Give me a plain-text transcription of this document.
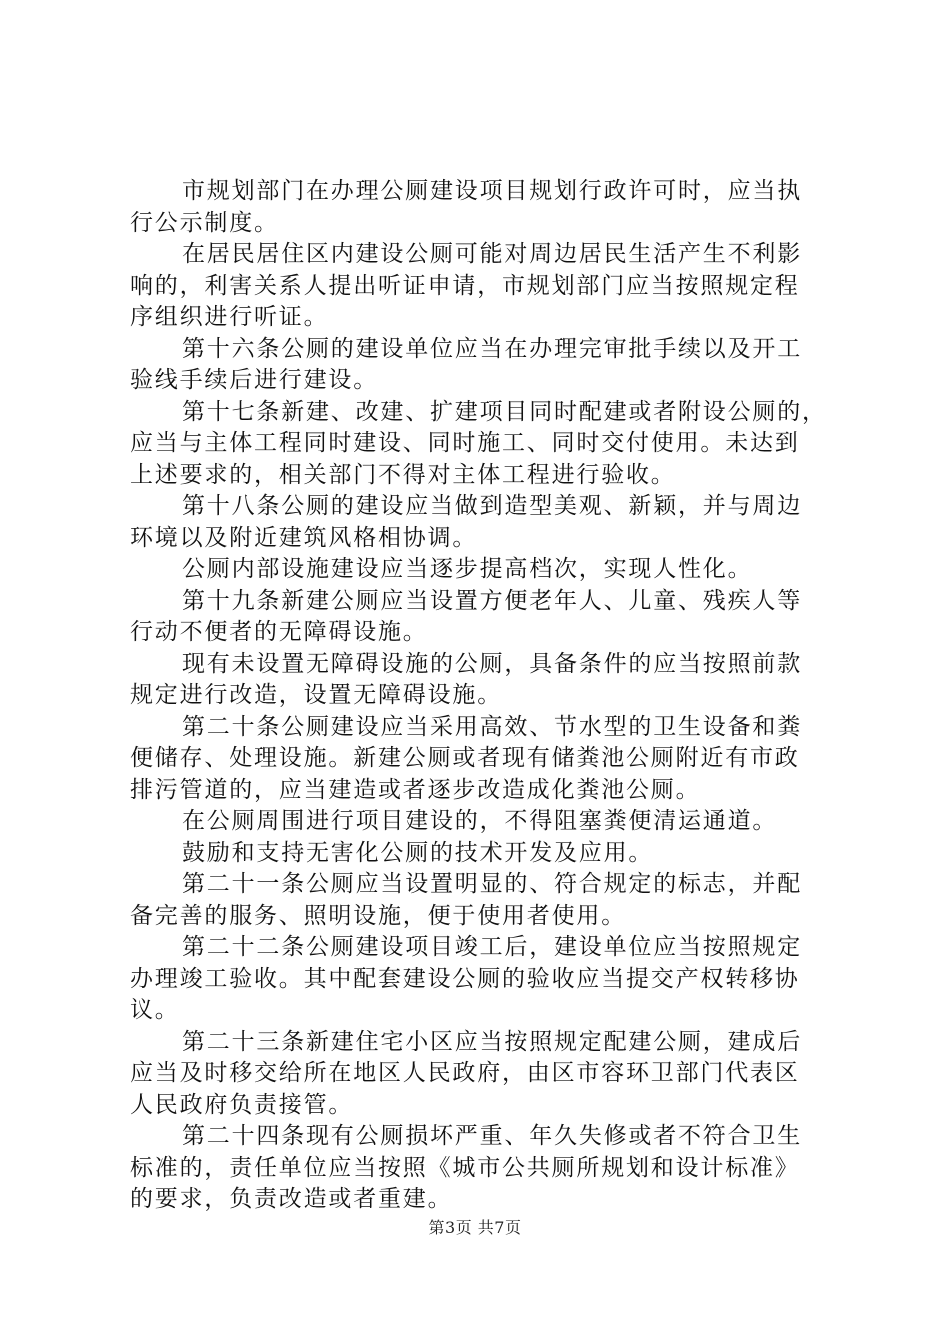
市规划部门在办理公厕建设项目规划行政许可时，应当执
行公示制度。

在居民居住区内建设公厕可能对周边居民生活产生不利影
响的，利害关系人提出听证申请，市规划部门应当按照规定程
序组织进行听证。

第十六条公厕的建设单位应当在办理完审批手续以及开工
验线手续后进行建设。

第十七条新建、改建、扩建项目同时配建或者附设公厕的，
应当与主体工程同时建设、同时施工、同时交付使用。未达到
上述要求的，相关部门不得对主体工程进行验收。

第十八条公厕的建设应当做到造型美观、新颖，并与周边
环境以及附近建筑风格相协调。

公厕内部设施建设应当逐步提高档次，实现人性化。

第十九条新建公厕应当设置方便老年人、儿童、残疾人等
行动不便者的无障碍设施。

现有未设置无障碍设施的公厕，具备条件的应当按照前款
规定进行改造，设置无障碍设施。

第二十条公厕建设应当采用高效、节水型的卫生设备和粪
便储存、处理设施。新建公厕或者现有储粪池公厕附近有市政
排污管道的，应当建造或者逐步改造成化粪池公厕。

在公厕周围进行项目建设的，不得阻塞粪便清运通道。

鼓励和支持无害化公厕的技术开发及应用。

第二十一条公厕应当设置明显的、符合规定的标志，并配
备完善的服务、照明设施，便于使用者使用。

第二十二条公厕建设项目竣工后，建设单位应当按照规定
办理竣工验收。其中配套建设公厕的验收应当提交产权转移协
议。

第二十三条新建住宅小区应当按照规定配建公厕，建成后
应当及时移交给所在地区人民政府，由区市容环卫部门代表区
人民政府负责接管。

第二十四条现有公厕损坏严重、年久失修或者不符合卫生
标准的，责任单位应当按照《城市公共厕所规划和设计标准》
的要求，负责改造或者重建。

第3页 共7页
